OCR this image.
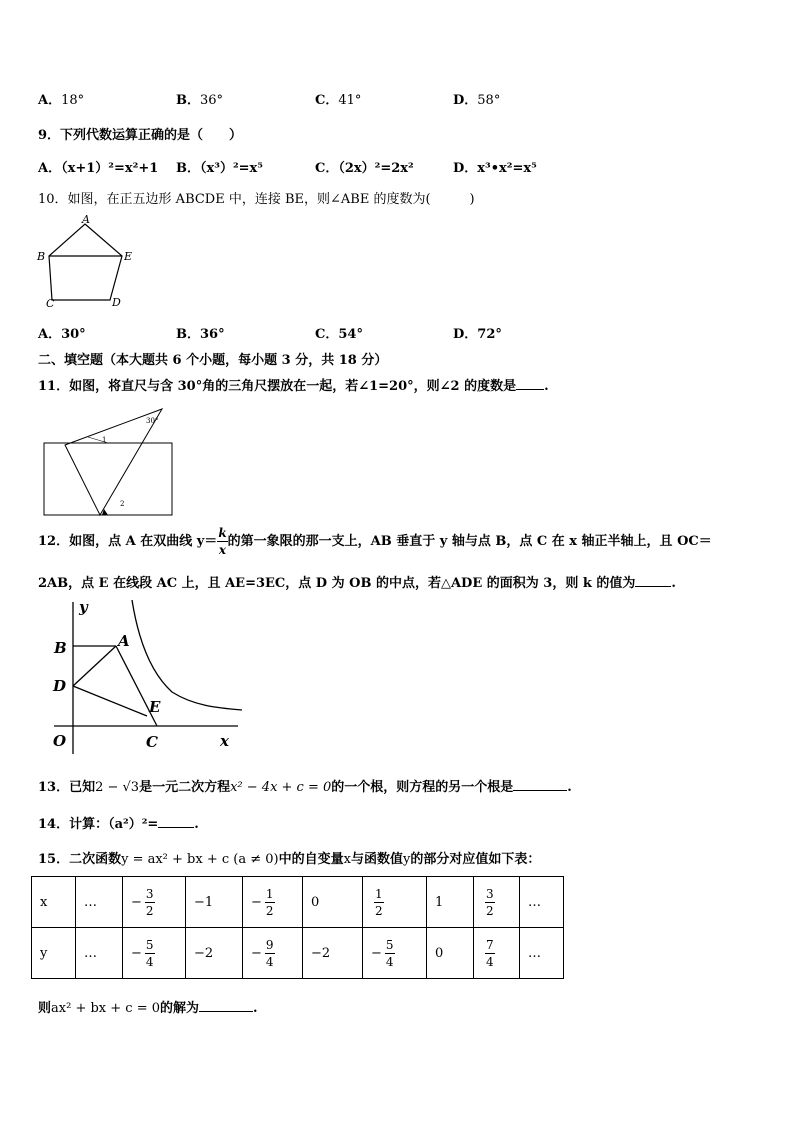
A．18°	B．36°	C．41°	D．58°
9．下列代数运算正确的是（　　）
A．（x+1）²=x²+1 B．（x³）²=x⁵	C．（2x）²=2x²	D．x³•x²=x⁵
10．如图，在正五边形 ABCDE 中，连接 BE，则∠ABE 的度数为(　　　)
A
B	E
C	D
A．30°	B．36°	C．54°	D．72°
二、填空题（本大题共 6 个小题，每小题 3 分，共 18 分）
11．如图，将直尺与含 30°角的三角尺摆放在一起，若∠1=20°，则∠2 的度数是 .
30°
1
2
12．如图，点 A 在双曲线 $y= \frac{k}{x}$ 的第一象限的那一支上，AB 垂直于 y 轴与点 B，点 C 在 x 轴正半轴上，且 OC＝
2AB，点 E 在线段 AC 上，且 AE=3EC，点 D 为 OB 的中点，若△ADE 的面积为 3，则 k 的值为	.
y
B	A
D
E
O	C	x
13．已知2 − √3是一元二次方程x² − 4x + c = 0的一个根，则方程的另一个根是	.
14．计算：（a²）²=	.
15．二次函数y = ax² + bx + c (a ≠ 0)中的自变量x与函数值y的部分对应值如下表：
x	…	− $\frac{3}{2}$	−1	− $\frac{1}{2}$	0	$\frac{1}{2}$	1	$\frac{3}{2}$	…
y	…	− $\frac{5}{4}$	−2	− $\frac{9}{4}$	−2	− $\frac{5}{4}$	0	$\frac{7}{4}$	…
则ax² + bx + c = 0的解为	.
